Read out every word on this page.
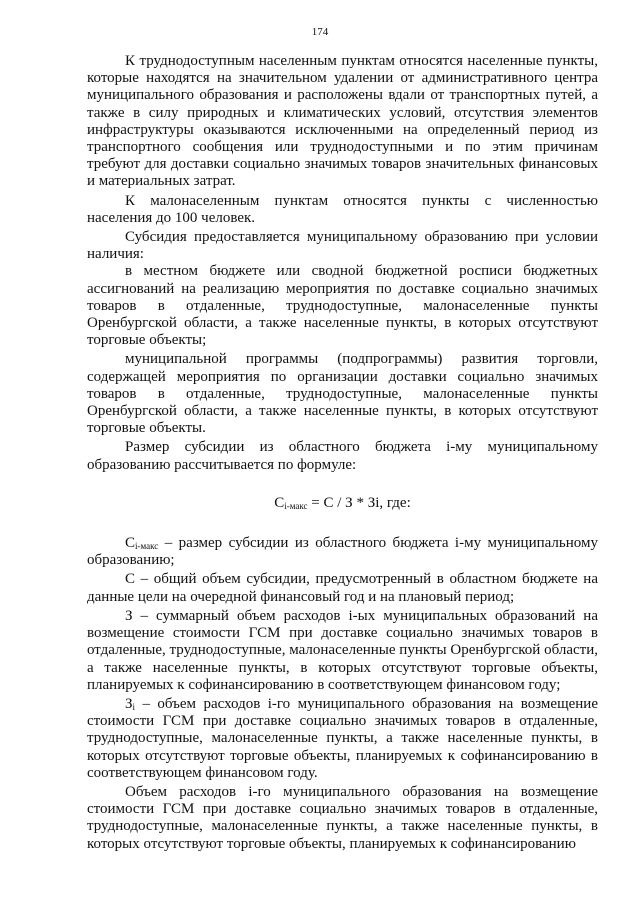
174

К труднодоступным населенным пунктам относятся населенные пункты, которые находятся на значительном удалении от административного центра муниципального образования и расположены вдали от транспортных путей, а также в силу природных и климатических условий, отсутствия элементов инфраструктуры оказываются исключенными на определенный период из транспортного сообщения или труднодоступными и по этим причинам требуют для доставки социально значимых товаров значительных финансовых и материальных затрат.

К малонаселенным пунктам относятся пункты с численностью населения до 100 человек.

Субсидия предоставляется муниципальному образованию при условии наличия:

в местном бюджете или сводной бюджетной росписи бюджетных ассигнований на реализацию мероприятия по доставке социально значимых товаров в отдаленные, труднодоступные, малонаселенные пункты Оренбургской области, а также населенные пункты, в которых отсутствуют торговые объекты;

муниципальной программы (подпрограммы) развития торговли, содержащей мероприятия по организации доставки социально значимых товаров в отдаленные, труднодоступные, малонаселенные пункты Оренбургской области, а также населенные пункты, в которых отсутствуют торговые объекты.

Размер субсидии из областного бюджета i-му муниципальному образованию рассчитывается по формуле:

$C_{i-макс} = C / З$ * Зi, где:

$C_{i-макс}$ – размер субсидии из областного бюджета i-му муниципальному образованию;

C – общий объем субсидии, предусмотренный в областном бюджете на данные цели на очередной финансовый год и на плановый период;

З – суммарный объем расходов i-ых муниципальных образований на возмещение стоимости ГСМ при доставке социально значимых товаров в отдаленные, труднодоступные, малонаселенные пункты Оренбургской области, а также населенные пункты, в которых отсутствуют торговые объекты, планируемых к софинансированию в соответствующем финансовом году;

$З_i$ – объем расходов i-го муниципального образования на возмещение стоимости ГСМ при доставке социально значимых товаров в отдаленные, труднодоступные, малонаселенные пункты, а также населенные пункты, в которых отсутствуют торговые объекты, планируемых к софинансированию в соответствующем финансовом году.

Объем расходов i-го муниципального образования на возмещение стоимости ГСМ при доставке социально значимых товаров в отдаленные, труднодоступные, малонаселенные пункты, а также населенные пункты, в которых отсутствуют торговые объекты, планируемых к софинансированию
